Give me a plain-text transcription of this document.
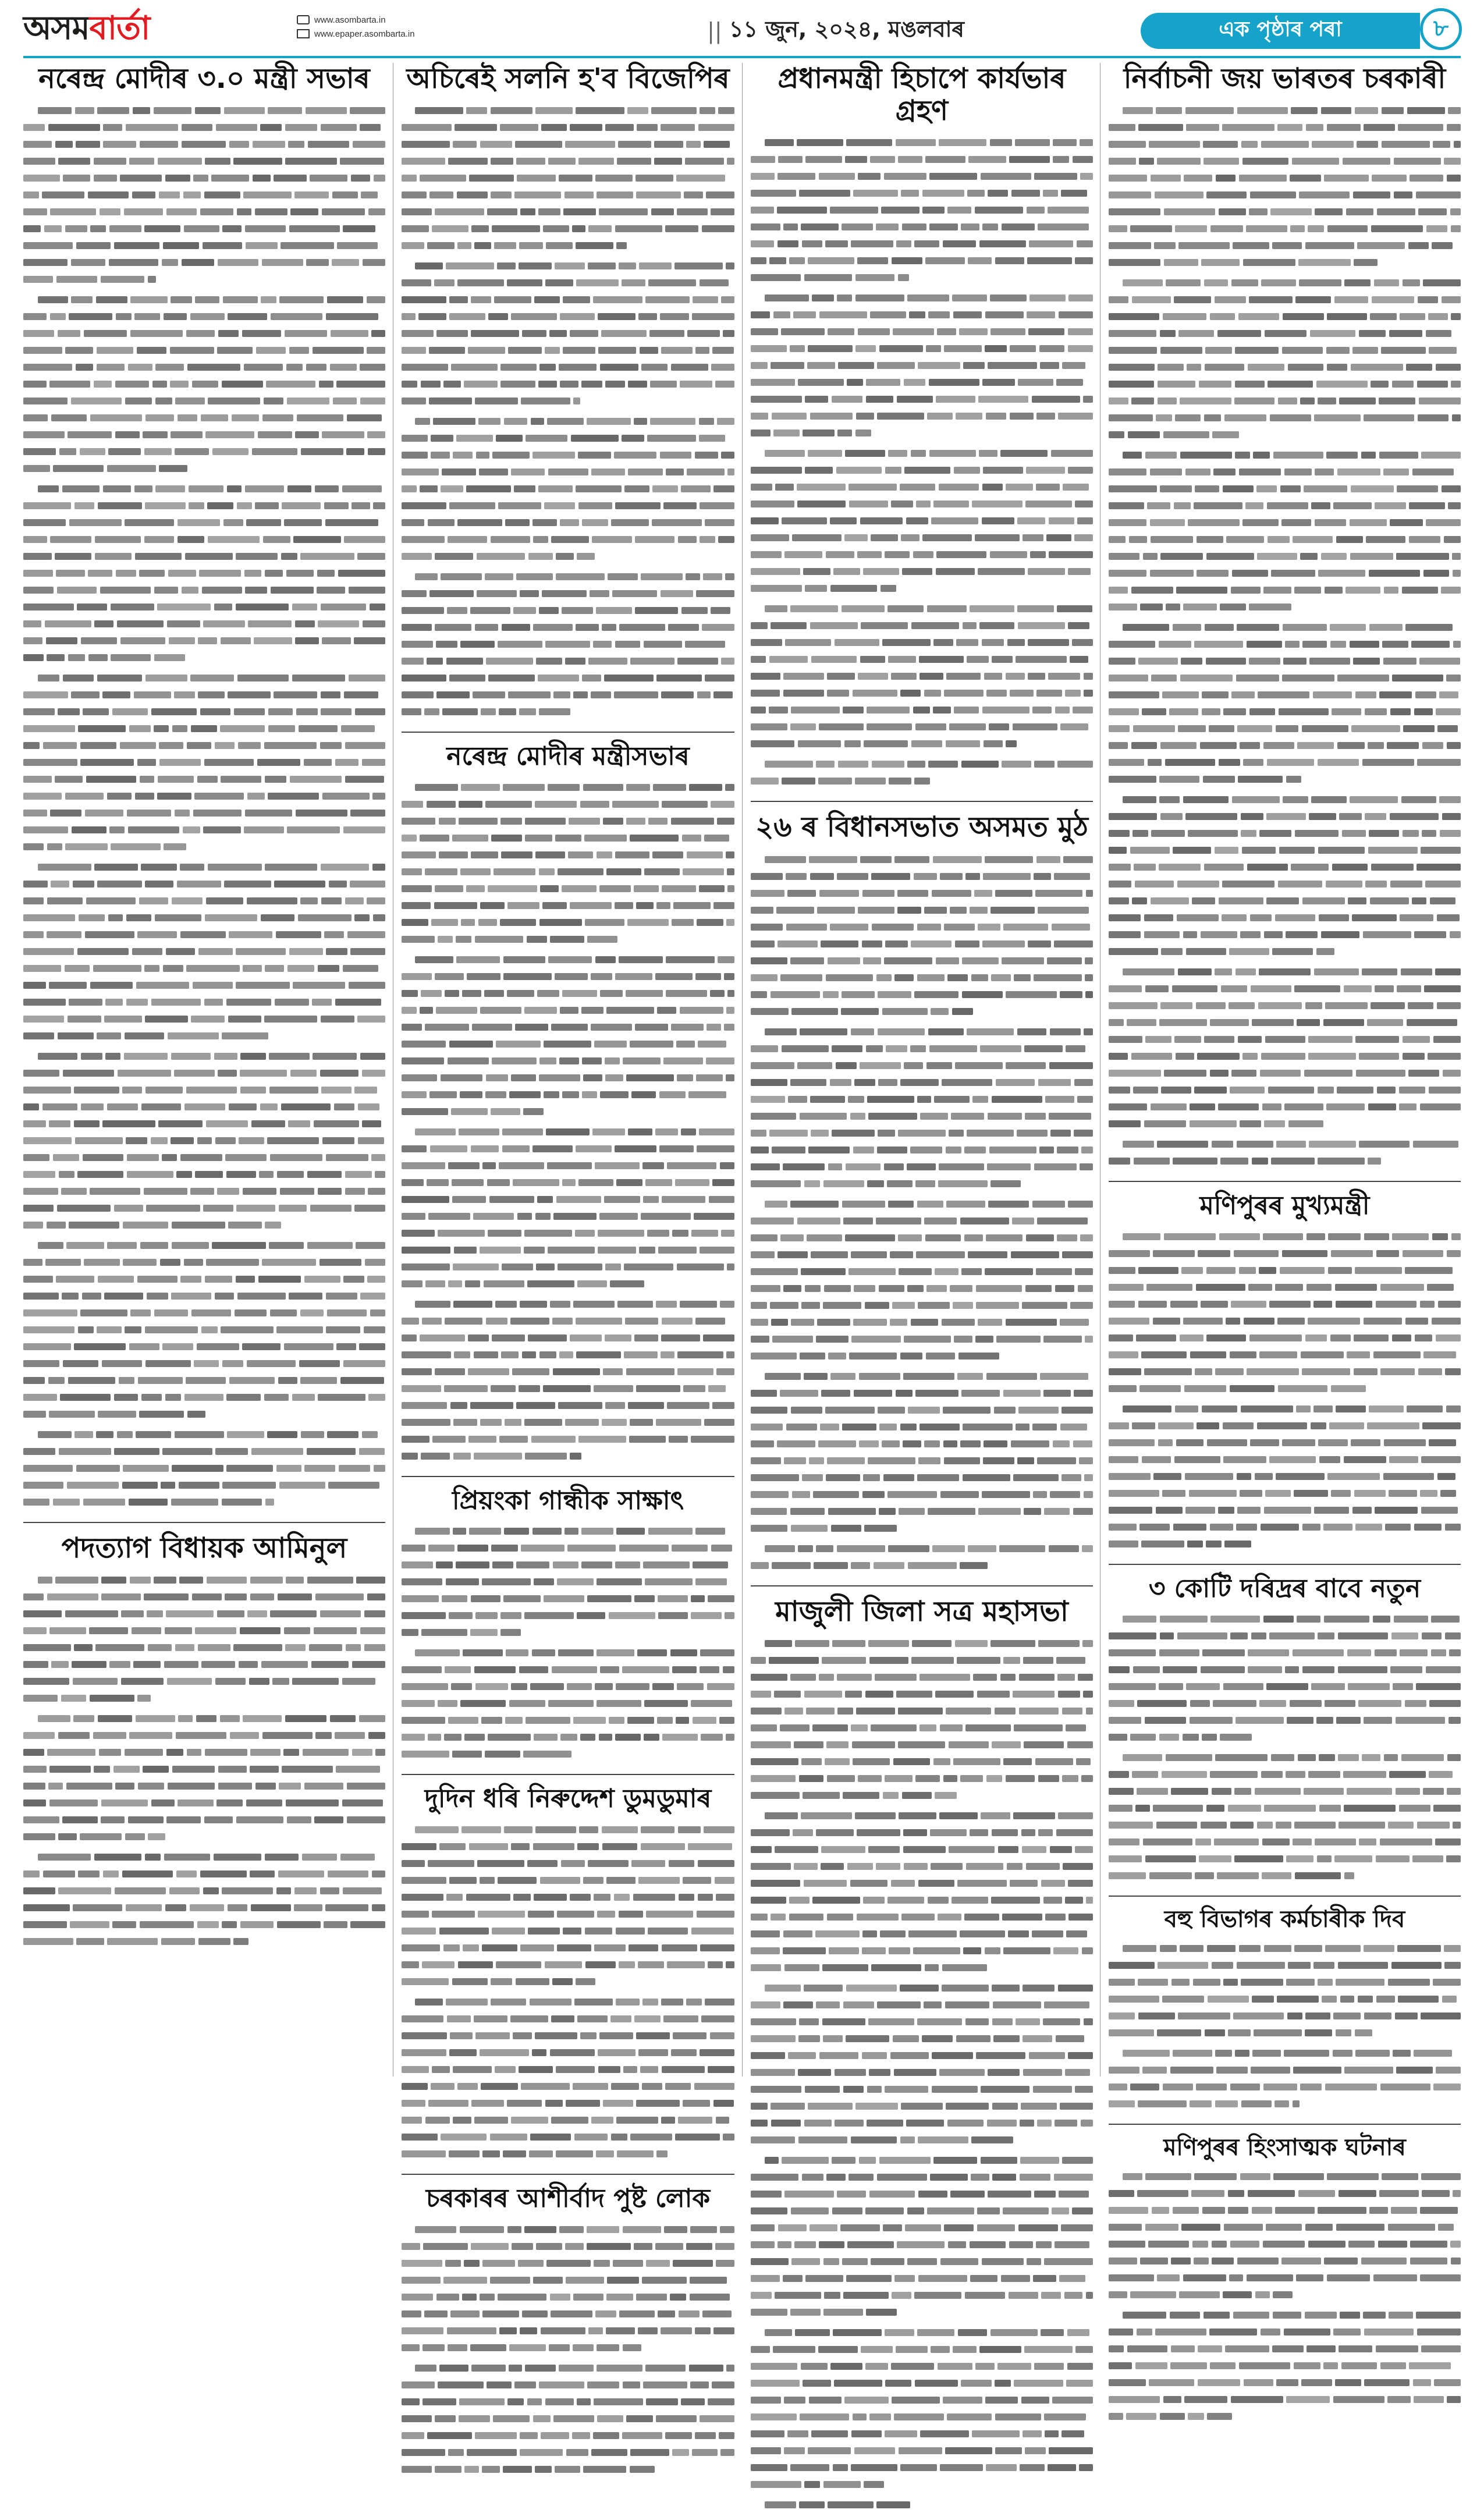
অসম বাৰ্তা	www.asombarta.in
www.epaper.asombarta.in	|| ১১ জুন, ২০২৪, মঙলবাৰ	এক পৃষ্ঠাৰ পৰা	৮
নৰেন্দ্ৰ মোদীৰ ৩.০ মন্ত্ৰী সভাৰ
পদত্যাগ বিধায়ক আমিনুল
অচিৰেই সলনি হ'ব বিজেপিৰ
নৰেন্দ্ৰ মোদীৰ মন্ত্ৰীসভাৰ
প্ৰিয়ংকা গান্ধীক সাক্ষাৎ
দুদিন ধৰি নিৰুদ্দেশ ডুমডুমাৰ
চৰকাৰৰ আশীৰ্বাদ পুষ্ট লোক
প্ৰধানমন্ত্ৰী হিচাপে কাৰ্যভাৰ গ্ৰহণ
২৬ ৰ বিধানসভাত অসমত মুঠ
মাজুলী জিলা সত্ৰ মহাসভা
নিৰ্বাচনী জয় ভাৰতৰ চৰকাৰী
মণিপুৰৰ মুখ্যমন্ত্ৰী
৩ কোটি দৰিদ্ৰৰ বাবে নতুন
বহু বিভাগৰ কৰ্মচাৰীক দিব
মণিপুৰৰ হিংসাত্মক ঘটনাৰ
